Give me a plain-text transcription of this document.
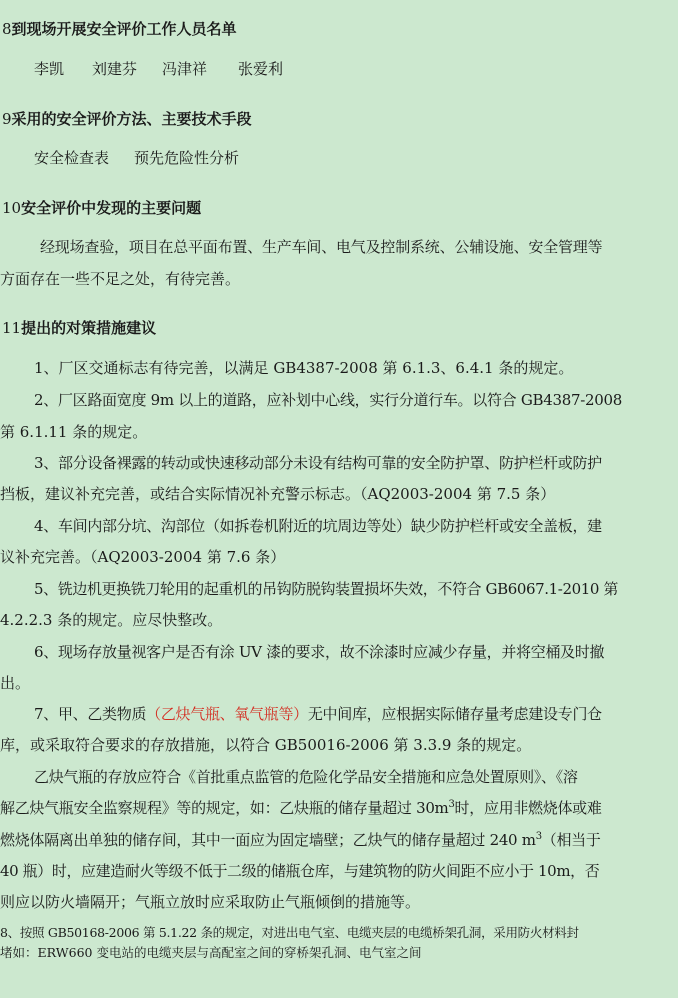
8到现场开展安全评价工作人员名单
李凯 刘建芬 冯津祥 张爱利
9采用的安全评价方法、主要技术手段
安全检查表 预先危险性分析
10安全评价中发现的主要问题
经现场查验，项目在总平面布置、生产车间、电气及控制系统、公辅设施、安全管理等
方面存在一些不足之处，有待完善。
11提出的对策措施建议
1、厂区交通标志有待完善，以满足 GB4387-2008 第 6.1.3、6.4.1 条的规定。
2、厂区路面宽度 9m 以上的道路，应补划中心线，实行分道行车。以符合 GB4387-2008
第 6.1.11 条的规定。
3、部分设备裸露的转动或快速移动部分未设有结构可靠的安全防护罩、防护栏杆或防护
挡板，建议补充完善，或结合实际情况补充警示标志。（AQ2003-2004 第 7.5 条）
4、车间内部分坑、沟部位（如拆卷机附近的坑周边等处）缺少防护栏杆或安全盖板，建
议补充完善。（AQ2003-2004 第 7.6 条）
5、铣边机更换铣刀轮用的起重机的吊钩防脱钩装置损坏失效，不符合 GB6067.1-2010 第
4.2.2.3 条的规定。应尽快整改。
6、现场存放量视客户是否有涂 UV 漆的要求，故不涂漆时应减少存量，并将空桶及时撤
出。
7、甲、乙类物质（乙炔气瓶、氧气瓶等）无中间库，应根据实际储存量考虑建设专门仓
库，或采取符合要求的存放措施，以符合 GB50016-2006 第 3.3.9 条的规定。
乙炔气瓶的存放应符合《首批重点监管的危险化学品安全措施和应急处置原则》、《溶
解乙炔气瓶安全监察规程》等的规定，如：乙炔瓶的储存量超过 $30m^3$时，应用非燃烧体或难
燃烧体隔离出单独的储存间，其中一面应为固定墙壁；乙炔气的储存量超过 240 $m^3$（相当于
40 瓶）时，应建造耐火等级不低于二级的储瓶仓库，与建筑物的防火间距不应小于 10m，否
则应以防火墙隔开；气瓶立放时应采取防止气瓶倾倒的措施等。
8、按照 GB50168-2006 第 5.1.22 条的规定，对进出电气室、电缆夹层的电缆桥架孔洞，采用防火材料封
堵如：ERW660 变电站的电缆夹层与高配室之间的穿桥架孔洞、电气室之间
